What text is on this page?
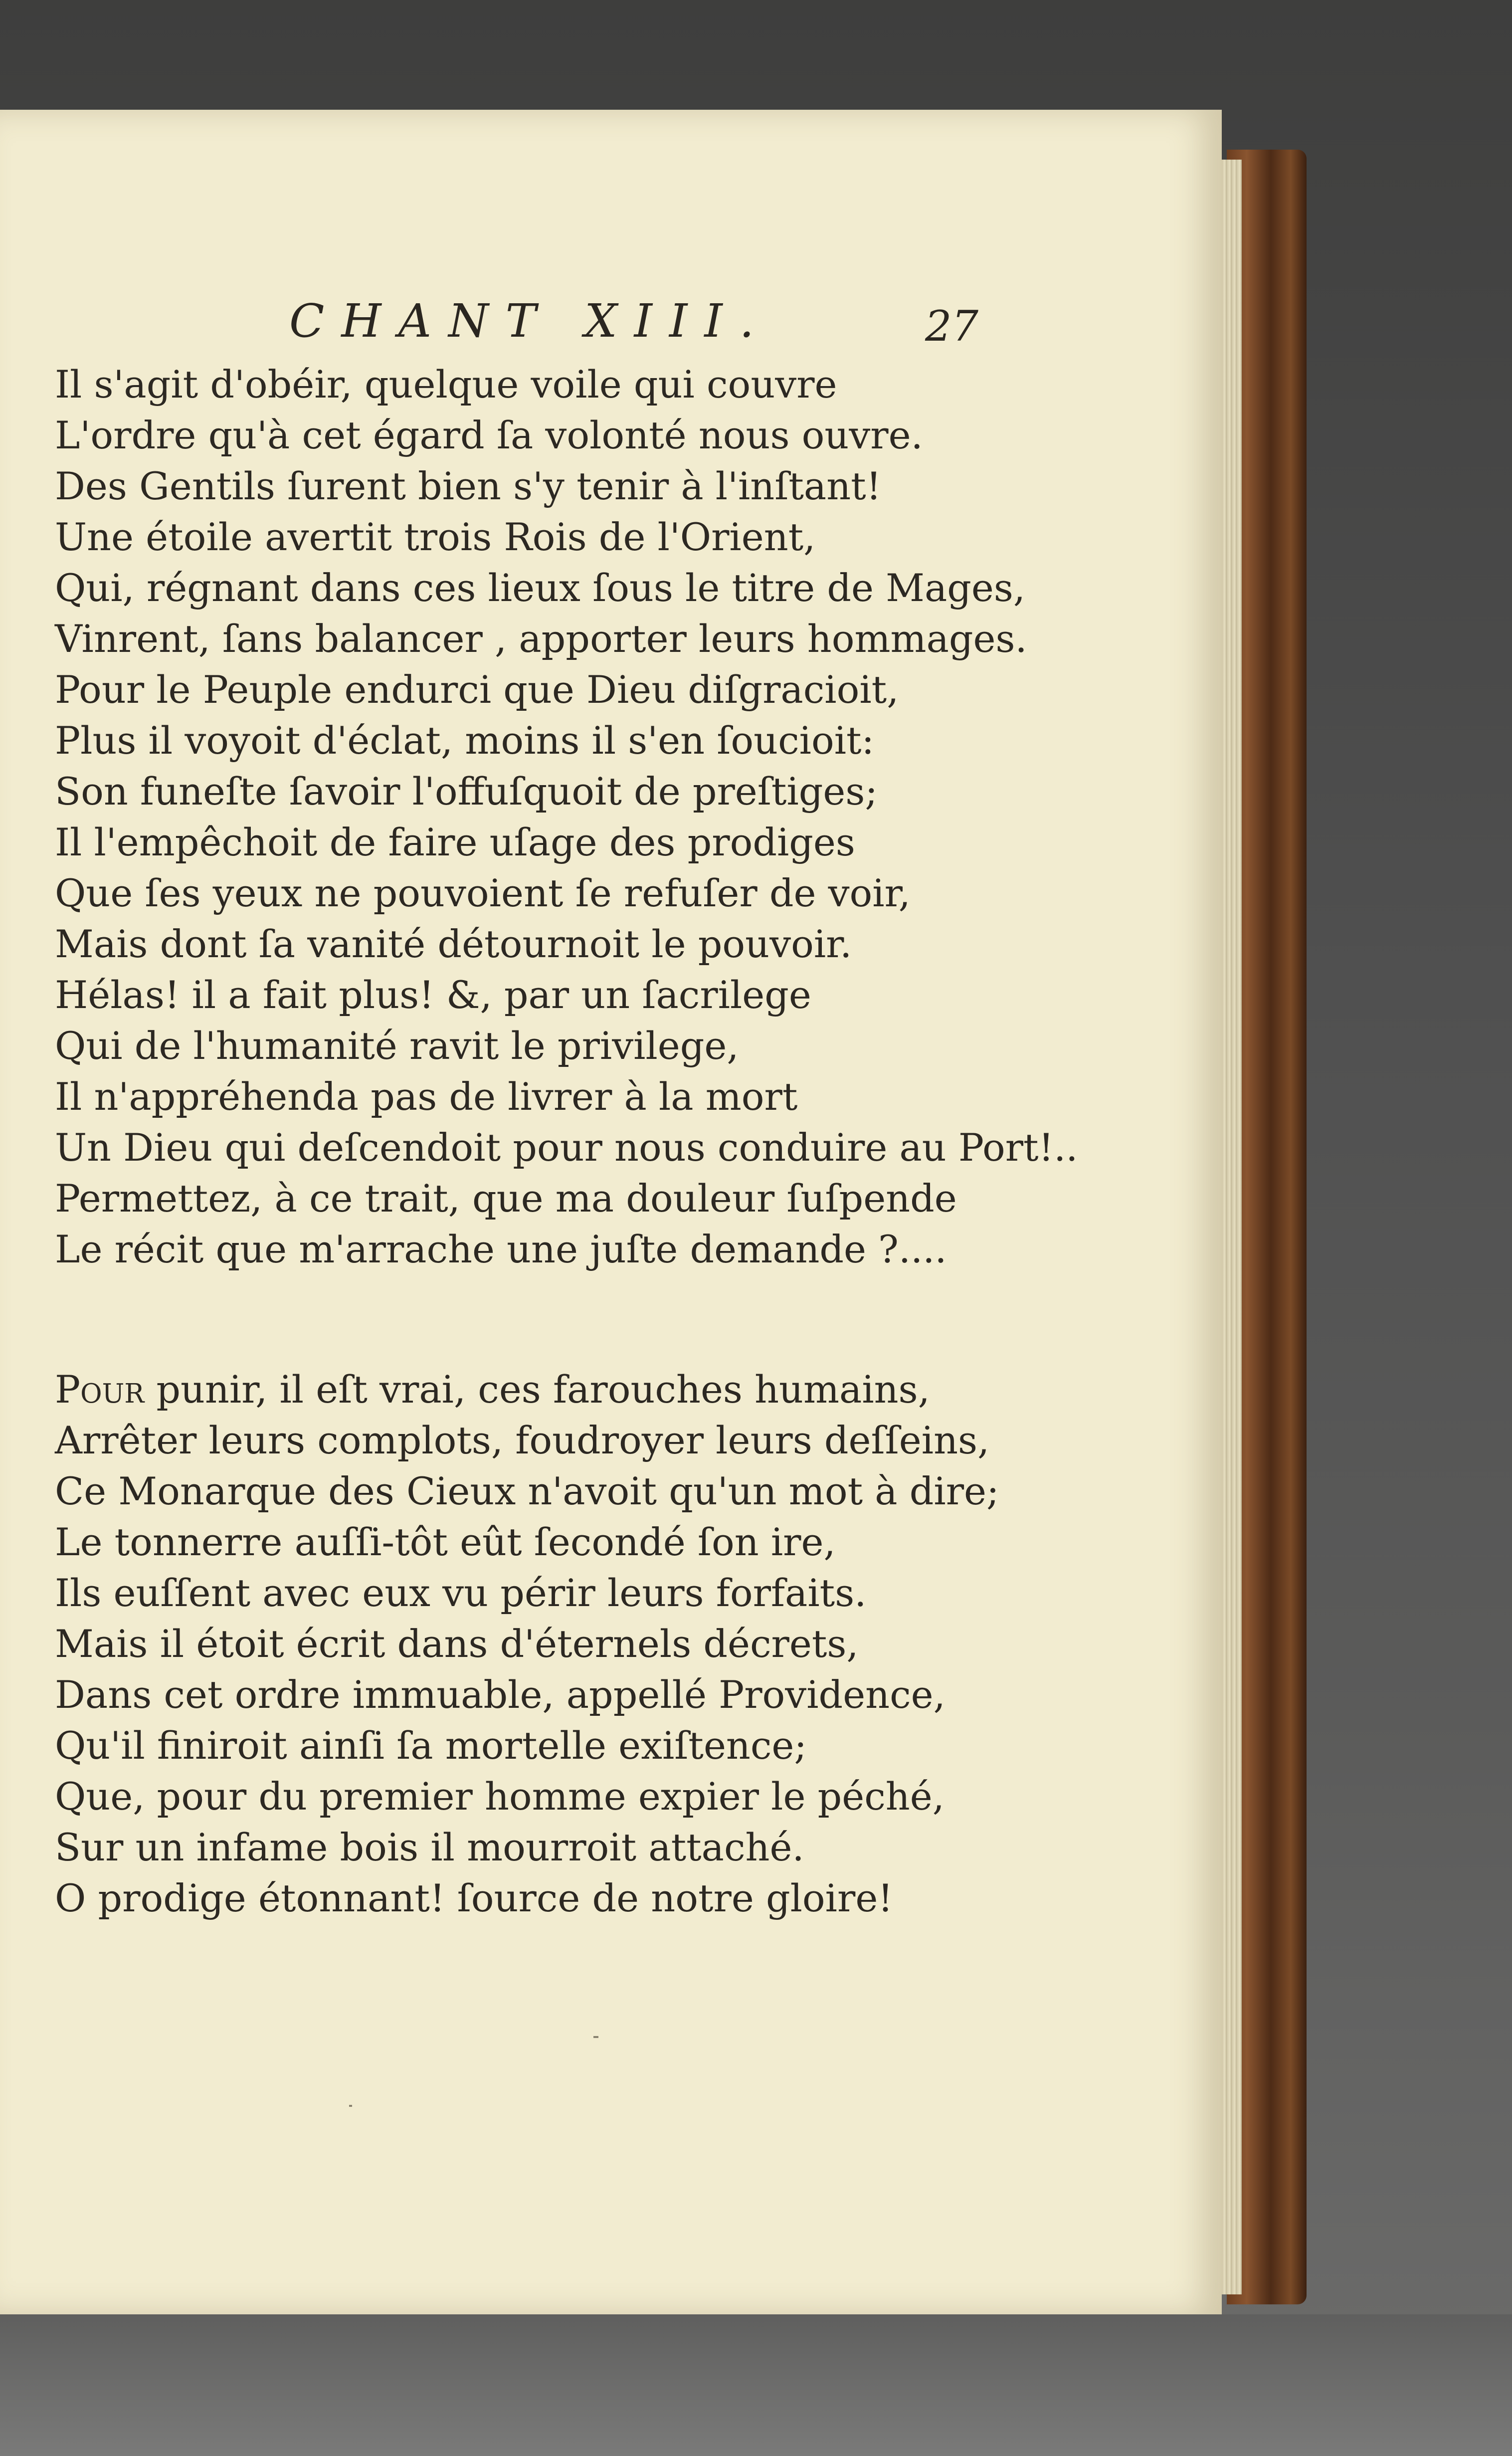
CHANT XIII.	27
Il s'agit d'obéir, quelque voile qui couvre
L'ordre qu'à cet égard ſa volonté nous ouvre.
Des Gentils ſurent bien s'y tenir à l'inſtant!
Une étoile avertit trois Rois de l'Orient,
Qui, régnant dans ces lieux ſous le titre de Mages,
Vinrent, ſans balancer , apporter leurs hommages.
Pour le Peuple endurci que Dieu diſgracioit,
Plus il voyoit d'éclat, moins il s'en ſoucioit:
Son funeſte ſavoir l'offuſquoit de preſtiges;
Il l'empêchoit de faire uſage des prodiges
Que ſes yeux ne pouvoient ſe refuſer de voir,
Mais dont ſa vanité détournoit le pouvoir.
Hélas! il a fait plus! &, par un ſacrilege
Qui de l'humanité ravit le privilege,
Il n'appréhenda pas de livrer à la mort
Un Dieu qui deſcendoit pour nous conduire au Port!..
Permettez, à ce trait, que ma douleur ſuſpende
Le récit que m'arrache une juſte demande ?....
Pour punir, il eſt vrai, ces farouches humains,
Arrêter leurs complots, foudroyer leurs deſſeins,
Ce Monarque des Cieux n'avoit qu'un mot à dire;
Le tonnerre auſſi-tôt eût ſecondé ſon ire,
Ils euſſent avec eux vu périr leurs forfaits.
Mais il étoit écrit dans d'éternels décrets,
Dans cet ordre immuable, appellé Providence,
Qu'il finiroit ainſi ſa mortelle exiſtence;
Que, pour du premier homme expier le péché,
Sur un infame bois il mourroit attaché.
O prodige étonnant! ſource de notre gloire!
